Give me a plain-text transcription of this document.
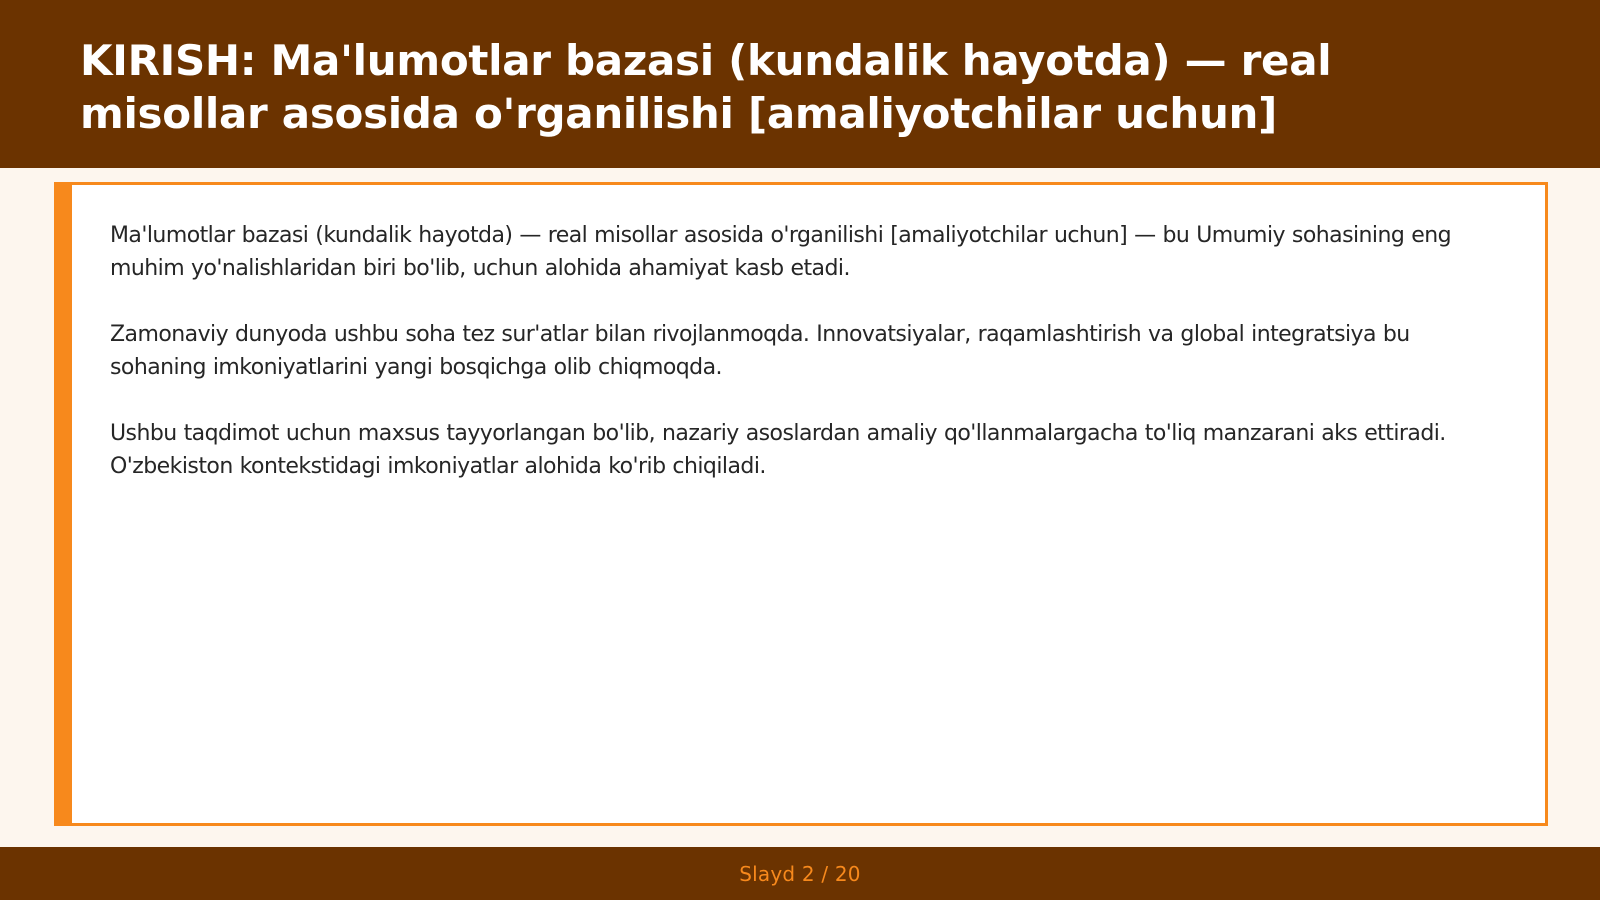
KIRISH: Ma'lumotlar bazasi (kundalik hayotda) — real misollar asosida o'rganilishi [amaliyotchilar uchun]

Ma'lumotlar bazasi (kundalik hayotda) — real misollar asosida o'rganilishi [amaliyotchilar uchun] — bu Umumiy sohasining eng muhim yo'nalishlaridan biri bo'lib, uchun alohida ahamiyat kasb etadi.

Zamonaviy dunyoda ushbu soha tez sur'atlar bilan rivojlanmoqda. Innovatsiyalar, raqamlashtirish va global integratsiya bu sohaning imkoniyatlarini yangi bosqichga olib chiqmoqda.

Ushbu taqdimot uchun maxsus tayyorlangan bo'lib, nazariy asoslardan amaliy qo'llanmalargacha to'liq manzarani aks ettiradi. O'zbekiston kontekstidagi imkoniyatlar alohida ko'rib chiqiladi.

Slayd 2 / 20
